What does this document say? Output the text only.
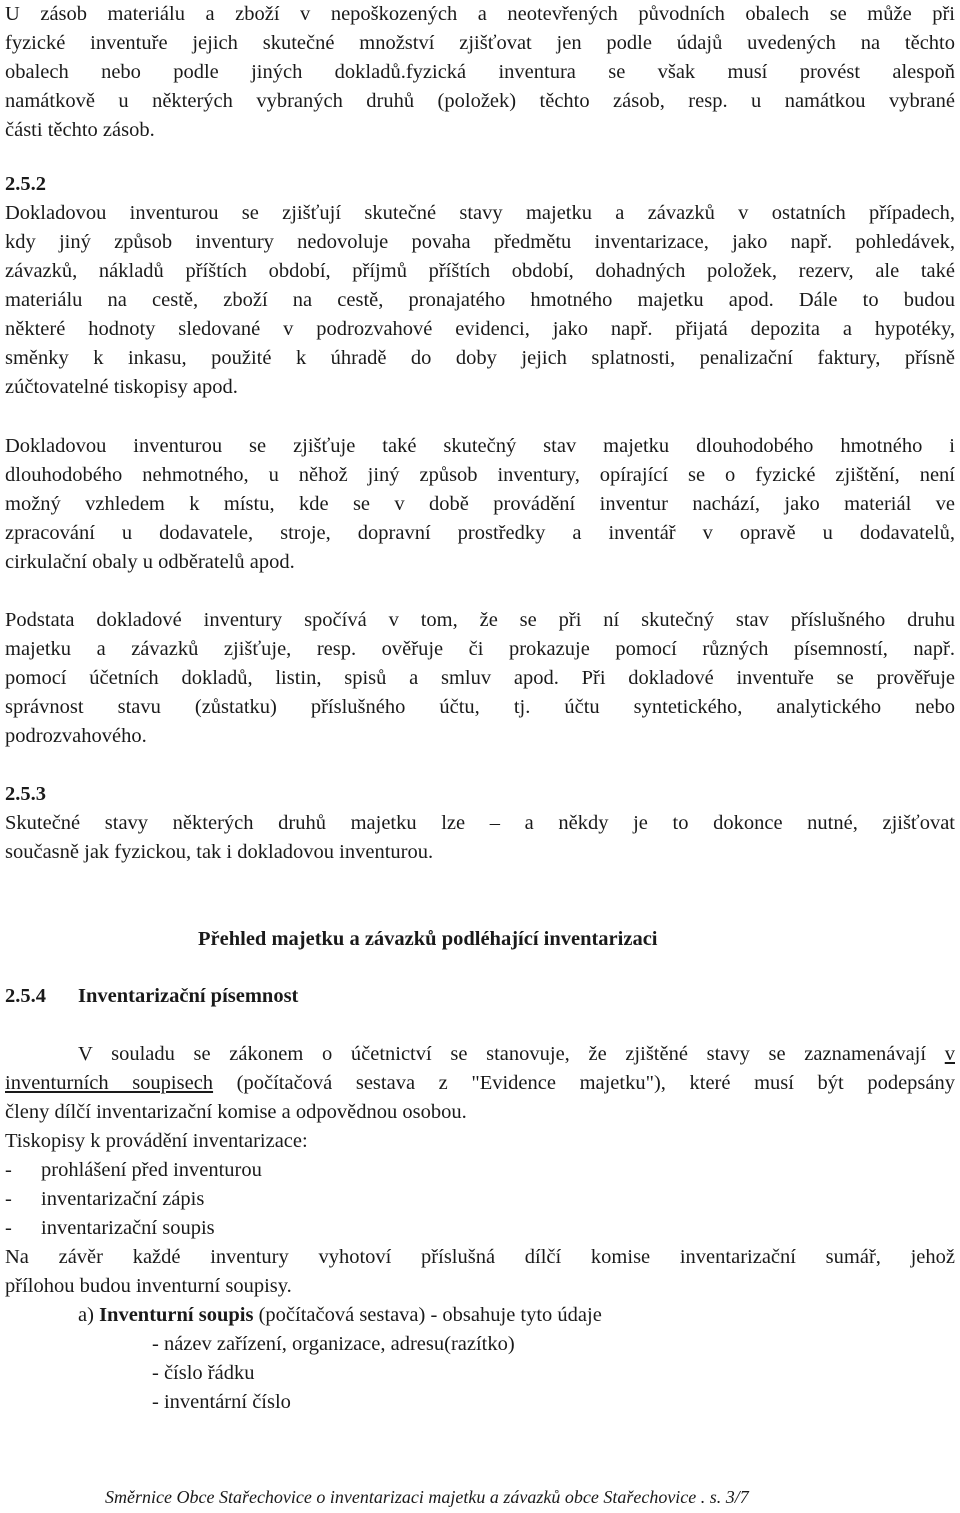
U zásob materiálu a zboží v nepoškozených a neotevřených původních obalech se může při
fyzické inventuře jejich skutečné množství zjišťovat jen podle údajů uvedených na těchto
obalech nebo podle jiných dokladů.fyzická inventura se však musí provést alespoň
namátkově u některých vybraných druhů (položek) těchto zásob, resp. u namátkou vybrané
části těchto zásob.
2.5.2
Dokladovou inventurou se zjišťují skutečné stavy majetku a závazků v ostatních případech,
kdy jiný způsob inventury nedovoluje povaha předmětu inventarizace, jako např. pohledávek,
závazků, nákladů příštích období, příjmů příštích období, dohadných položek, rezerv, ale také
materiálu na cestě, zboží na cestě, pronajatého hmotného majetku apod. Dále to budou
některé hodnoty sledované v podrozvahové evidenci, jako např. přijatá depozita a hypotéky,
směnky k inkasu, použité k úhradě do doby jejich splatnosti, penalizační faktury, přísně
zúčtovatelné tiskopisy apod.
Dokladovou inventurou se zjišťuje také skutečný stav majetku dlouhodobého hmotného i
dlouhodobého nehmotného, u něhož jiný způsob inventury, opírající se o fyzické zjištění, není
možný vzhledem k místu, kde se v době provádění inventur nachází, jako materiál ve
zpracování u dodavatele, stroje, dopravní prostředky a inventář v opravě u dodavatelů,
cirkulační obaly u odběratelů apod.
Podstata dokladové inventury spočívá v tom, že se při ní skutečný stav příslušného druhu
majetku a závazků zjišťuje, resp. ověřuje či prokazuje pomocí různých písemností, např.
pomocí účetních dokladů, listin, spisů a smluv apod. Při dokladové inventuře se prověřuje
správnost stavu (zůstatku) příslušného účtu, tj. účtu syntetického, analytického nebo
podrozvahového.
2.5.3
Skutečné stavy některých druhů majetku lze – a někdy je to dokonce nutné, zjišťovat
současně jak fyzickou, tak i dokladovou inventurou.
Přehled majetku a závazků podléhající inventarizaci
2.5.4 Inventarizační písemnost
V souladu se zákonem o účetnictví se stanovuje, že zjištěné stavy se zaznamenávají v
inventurních soupisech (počítačová sestava z "Evidence majetku"), které musí být podepsány
členy dílčí inventarizační komise a odpovědnou osobou.
Tiskopisy k provádění inventarizace:
- prohlášení před inventurou
- inventarizační zápis
- inventarizační soupis
Na závěr každé inventury vyhotoví příslušná dílčí komise inventarizační sumář, jehož
přílohou budou inventurní soupisy.
a) Inventurní soupis (počítačová sestava) - obsahuje tyto údaje
- název zařízení, organizace, adresu(razítko)
- číslo řádku
- inventární číslo
Směrnice Obce Stařechovice o inventarizaci majetku a závazků obce Stařechovice . s. 3/7
